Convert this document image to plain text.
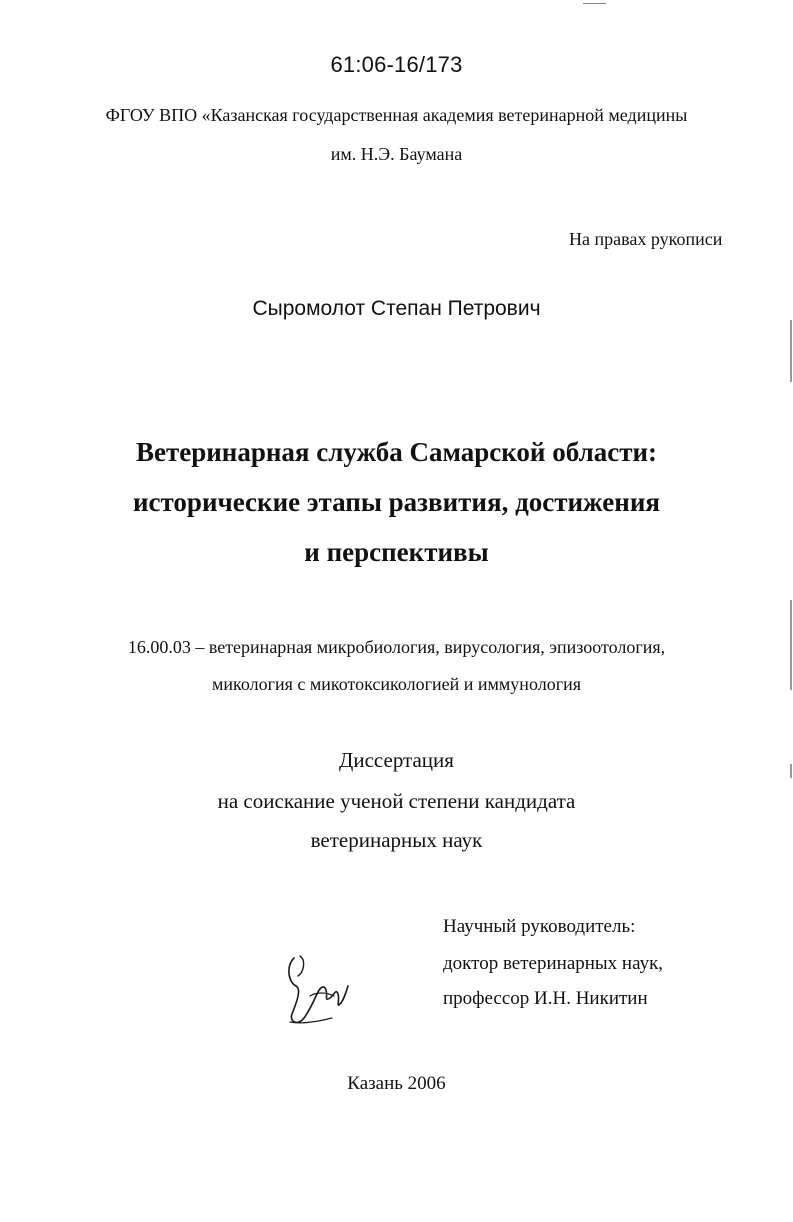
61:06-16/173

ФГОУ ВПО «Казанская государственная академия ветеринарной медицины

им. Н.Э. Баумана

На правах рукописи

Сыромолот Степан Петрович

Ветеринарная служба Самарской области:
исторические этапы развития, достижения
и перспективы

16.00.03 – ветеринарная микробиология, вирусология, эпизоотология,

микология с микотоксикологией и иммунология

Диссертация

на соискание ученой степени кандидата

ветеринарных наук

Научный руководитель:

доктор ветеринарных наук,

профессор И.Н. Никитин

Казань 2006
